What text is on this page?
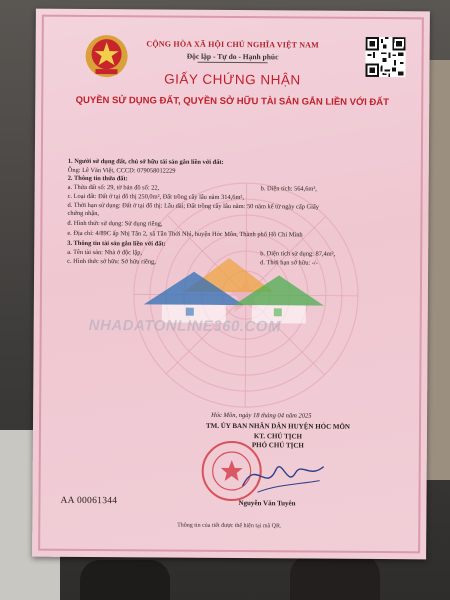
CỘNG HÒA XÃ HỘI CHỦ NGHĨA VIỆT NAM
Độc lập - Tự do - Hạnh phúc
GIẤY CHỨNG NHẬN
QUYỀN SỬ DỤNG ĐẤT, QUYỀN SỞ HỮU TÀI SẢN GẮN LIỀN VỚI ĐẤT
1. Người sử dụng đất, chủ sở hữu tài sản gắn liền với đất:
Ông: Lê Văn Việt, CCCD: 079058012229
2. Thông tin thửa đất:
a. Thửa đất số: 29, tờ bản đồ số: 22,	b. Diện tích: 564,6m²,
c. Loại đất: Đất ở tại đô thị 250,0m², Đất trồng cây lâu năm 314,6m²,
d. Thời hạn sử dụng: Đất ở tại đô thị: Lâu dài; Đất trồng cây lâu năm: 50 năm kể từ ngày cấp Giấy
chứng nhận,
đ. Hình thức sử dụng: Sử dụng riêng,
e. Địa chỉ: 4/89C ấp Nhị Tân 2, xã Tân Thới Nhì, huyện Hóc Môn, Thành phố Hồ Chí Minh
3. Thông tin tài sản gắn liền với đất:
a. Tên tài sản: Nhà ở độc lập,	b. Diện tích sử dụng: 87,4m²,
c. Hình thức sở hữu: Sở hữu riêng,	d. Thời hạn sở hữu: -/-
NHADATONLINE360.COM
Hóc Môn, ngày 18 tháng 04 năm 2025
TM. ỦY BAN NHÂN DÂN HUYỆN HÓC MÔN
KT. CHỦ TỊCH
PHÓ CHỦ TỊCH
Nguyễn Văn Tuyên
AA 00061344
Thông tin của tiết được thể hiện tại mã QR.
